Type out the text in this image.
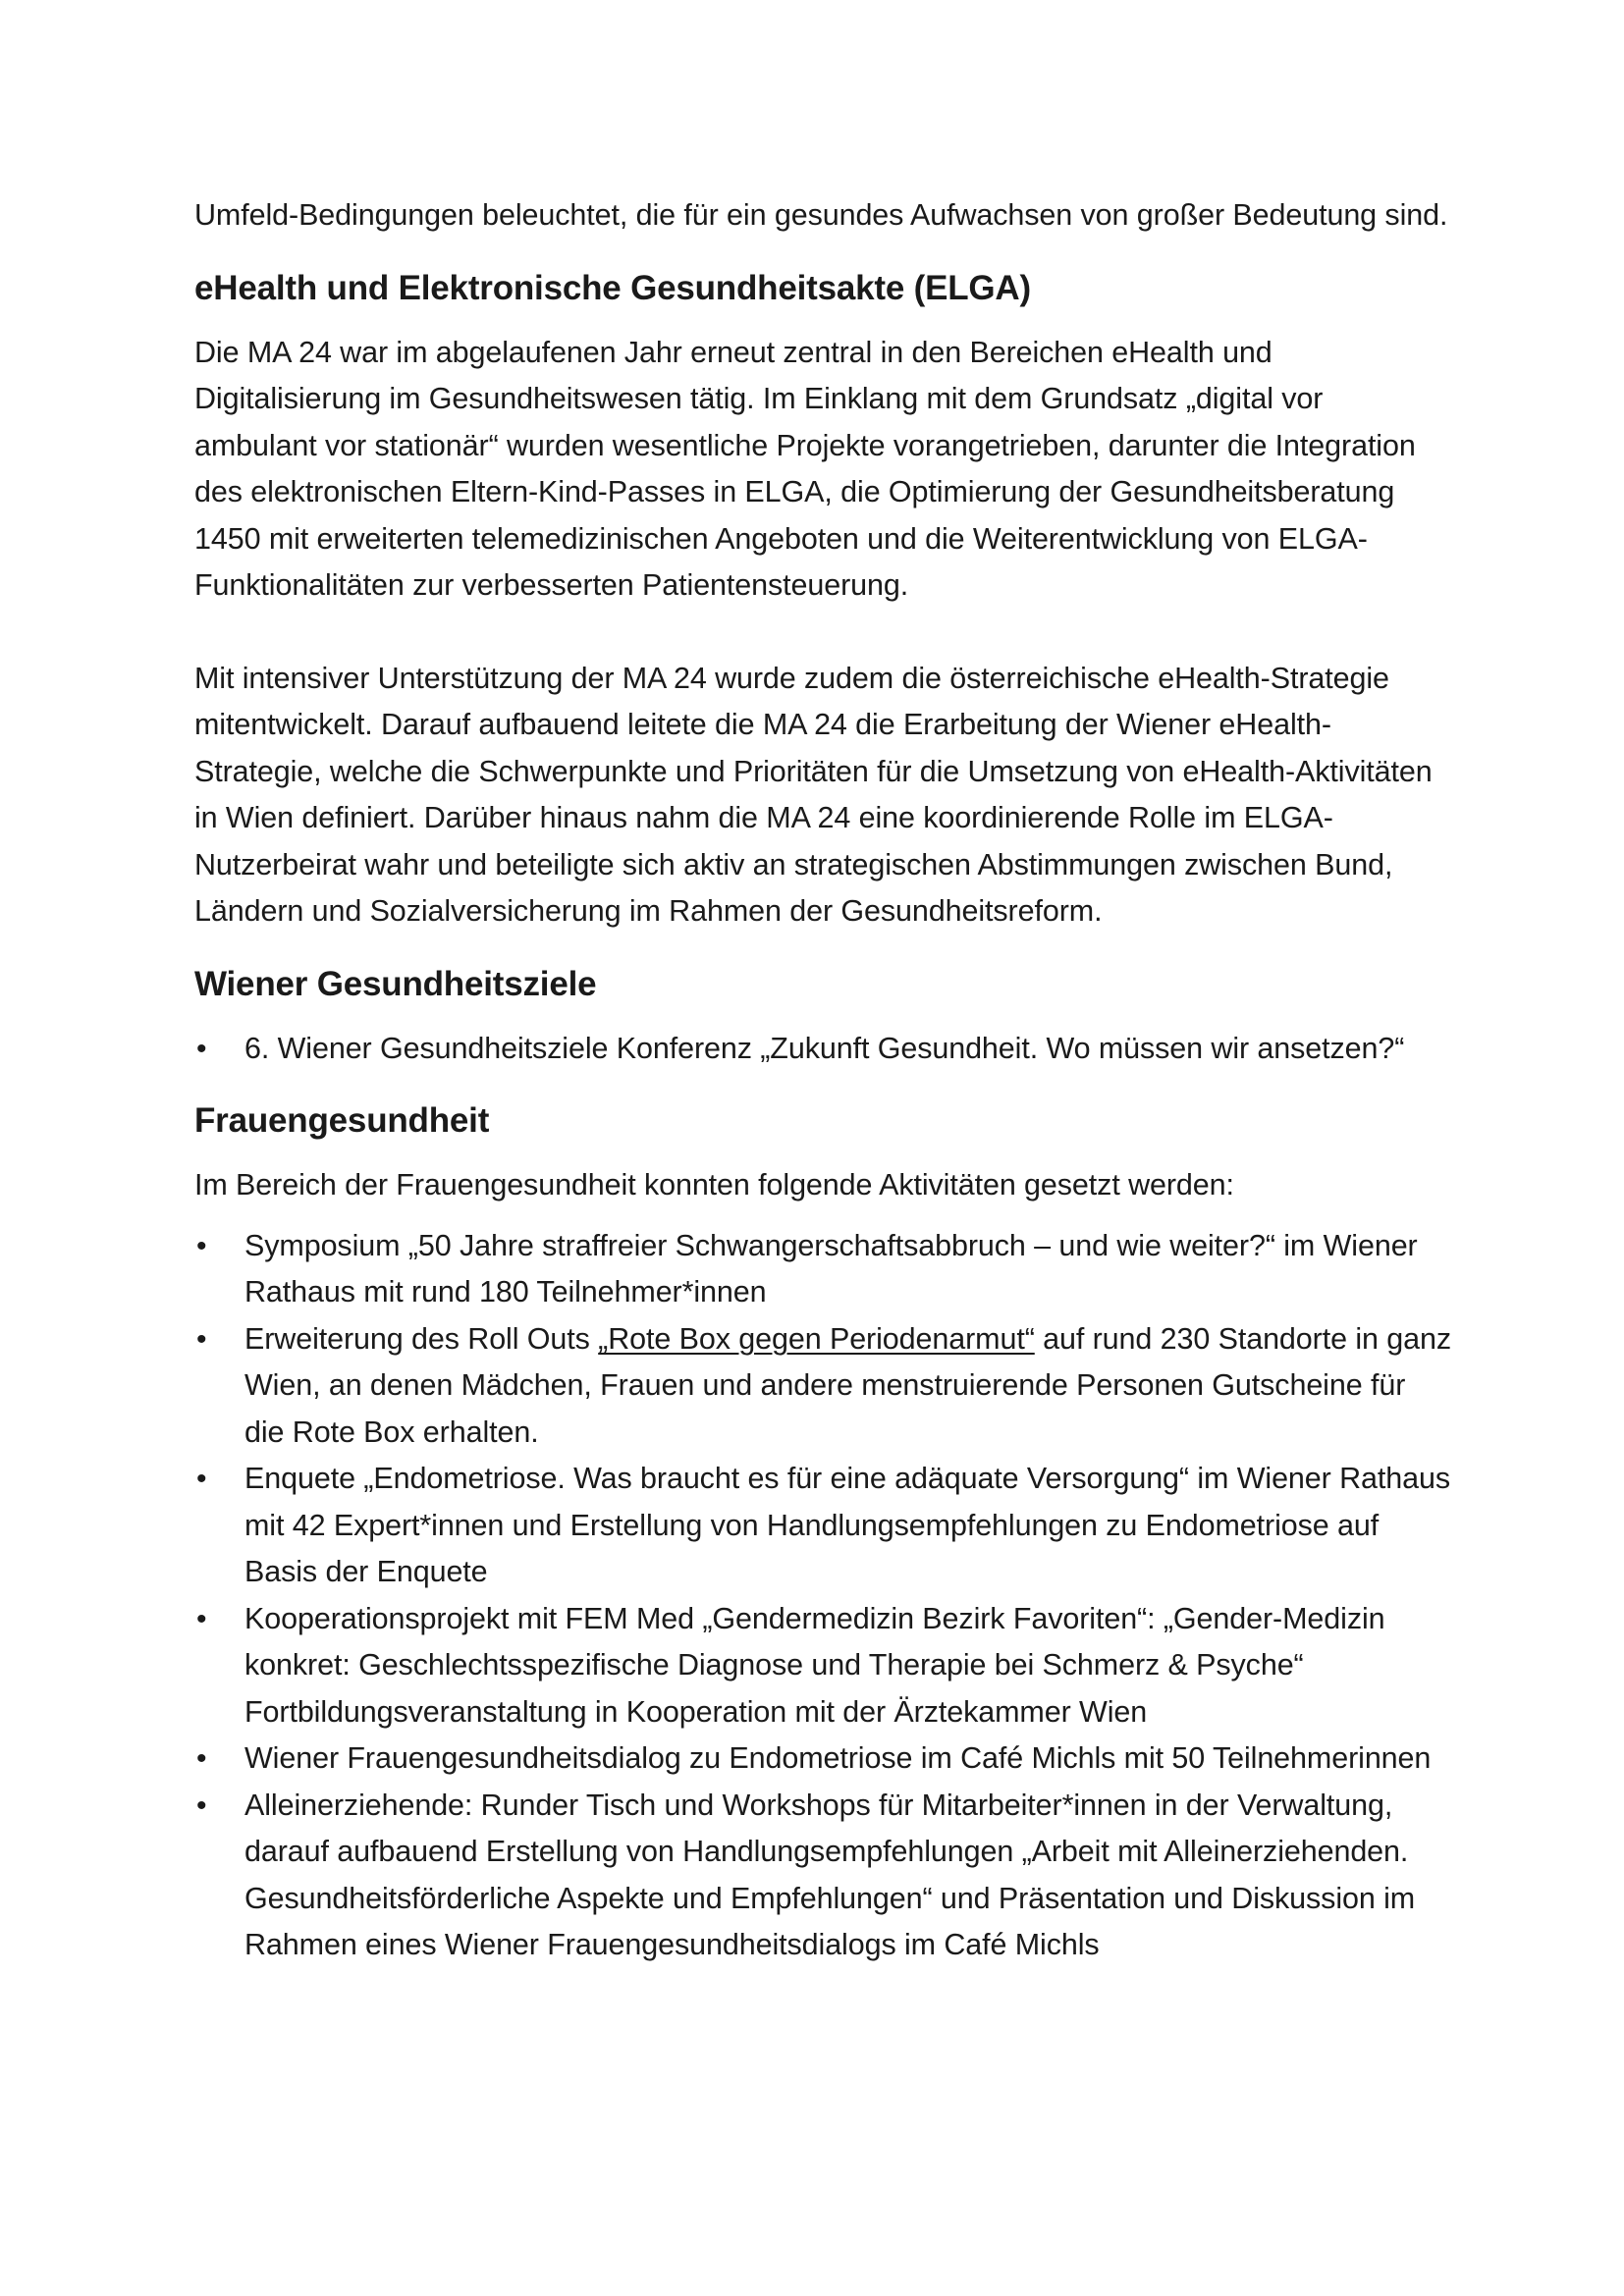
Umfeld-Bedingungen beleuchtet, die für ein gesundes Aufwachsen von großer Bedeutung sind.

eHealth und Elektronische Gesundheitsakte (ELGA)

Die MA 24 war im abgelaufenen Jahr erneut zentral in den Bereichen eHealth und Digitalisierung im Gesundheitswesen tätig. Im Einklang mit dem Grundsatz „digital vor ambulant vor stationär“ wurden wesentliche Projekte vorangetrieben, darunter die Integration des elektronischen Eltern-Kind-Passes in ELGA, die Optimierung der Gesundheitsberatung 1450 mit erweiterten telemedizinischen Angeboten und die Weiterentwicklung von ELGA-Funktionalitäten zur verbesserten Patientensteuerung.

Mit intensiver Unterstützung der MA 24 wurde zudem die österreichische eHealth-Strategie mitentwickelt. Darauf aufbauend leitete die MA 24 die Erarbeitung der Wiener eHealth-Strategie, welche die Schwerpunkte und Prioritäten für die Umsetzung von eHealth-Aktivitäten in Wien definiert. Darüber hinaus nahm die MA 24 eine koordinierende Rolle im ELGA-Nutzerbeirat wahr und beteiligte sich aktiv an strategischen Abstimmungen zwischen Bund, Ländern und Sozialversicherung im Rahmen der Gesundheitsreform.

Wiener Gesundheitsziele
• 6. Wiener Gesundheitsziele Konferenz „Zukunft Gesundheit. Wo müssen wir ansetzen?“
Frauengesundheit

Im Bereich der Frauengesundheit konnten folgende Aktivitäten gesetzt werden:

• Symposium „50 Jahre straffreier Schwangerschaftsabbruch – und wie weiter?“ im Wiener Rathaus mit rund 180 Teilnehmer*innen
• Erweiterung des Roll Outs „Rote Box gegen Periodenarmut“ auf rund 230 Standorte in ganz Wien, an denen Mädchen, Frauen und andere menstruierende Personen Gutscheine für die Rote Box erhalten.
• Enquete „Endometriose. Was braucht es für eine adäquate Versorgung“ im Wiener Rathaus mit 42 Expert*innen und Erstellung von Handlungsempfehlungen zu Endometriose auf Basis der Enquete
• Kooperationsprojekt mit FEM Med „Gendermedizin Bezirk Favoriten“: „Gender-Medizin konkret: Geschlechtsspezifische Diagnose und Therapie bei Schmerz & Psyche“ Fortbildungsveranstaltung in Kooperation mit der Ärztekammer Wien
• Wiener Frauengesundheitsdialog zu Endometriose im Café Michls mit 50 Teilnehmerinnen
• Alleinerziehende: Runder Tisch und Workshops für Mitarbeiter*innen in der Verwaltung, darauf aufbauend Erstellung von Handlungsempfehlungen „Arbeit mit Alleinerziehenden. Gesundheitsförderliche Aspekte und Empfehlungen“ und Präsentation und Diskussion im Rahmen eines Wiener Frauengesundheitsdialogs im Café Michls
